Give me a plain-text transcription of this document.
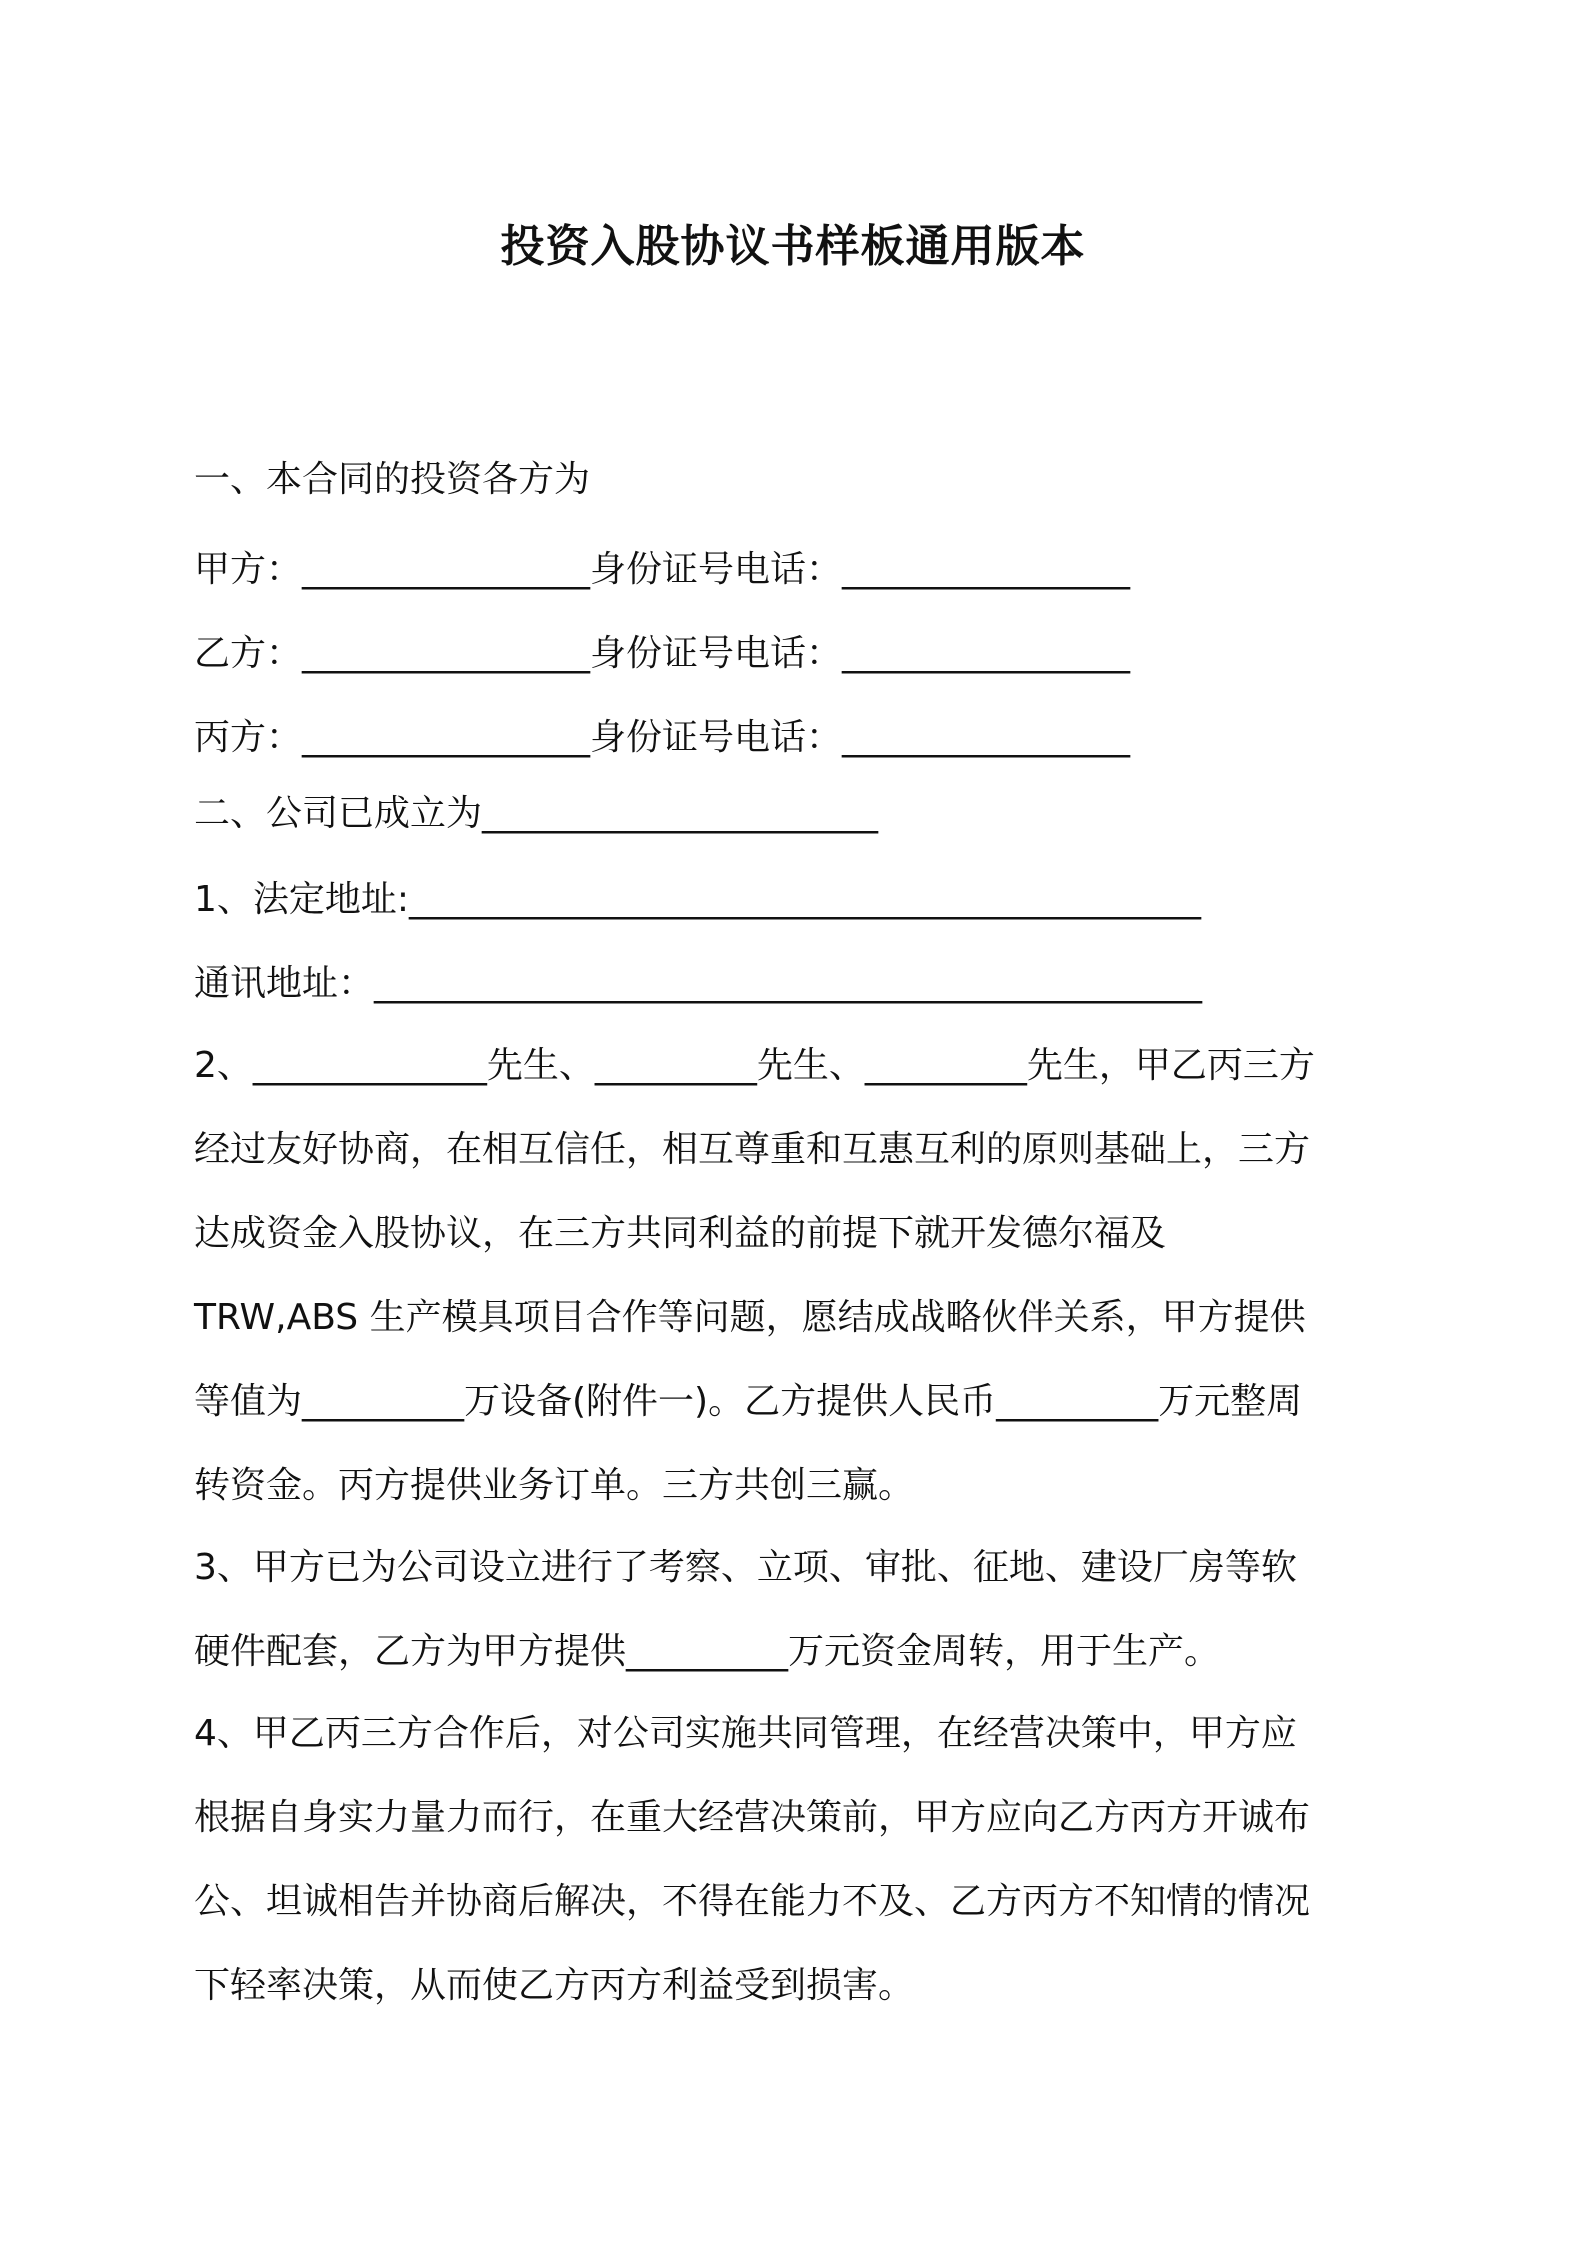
投资入股协议书样板通用版本

一、本合同的投资各方为

甲方：________________身份证号电话：________________

乙方：________________身份证号电话：________________

丙方：________________身份证号电话：________________

二、公司已成立为______________________

1、法定地址:____________________________________________

通讯地址：______________________________________________

2、_____________先生、_________先生、_________先生，甲乙丙三方

经过友好协商，在相互信任，相互尊重和互惠互利的原则基础上，三方

达成资金入股协议，在三方共同利益的前提下就开发德尔福及

TRW,ABS 生产模具项目合作等问题，愿结成战略伙伴关系，甲方提供

等值为_________万设备(附件一)。乙方提供人民币_________万元整周

转资金。丙方提供业务订单。三方共创三赢。

3、甲方已为公司设立进行了考察、立项、审批、征地、建设厂房等软

硬件配套，乙方为甲方提供_________万元资金周转，用于生产。

4、甲乙丙三方合作后，对公司实施共同管理，在经营决策中，甲方应

根据自身实力量力而行，在重大经营决策前，甲方应向乙方丙方开诚布

公、坦诚相告并协商后解决，不得在能力不及、乙方丙方不知情的情况

下轻率决策，从而使乙方丙方利益受到损害。
